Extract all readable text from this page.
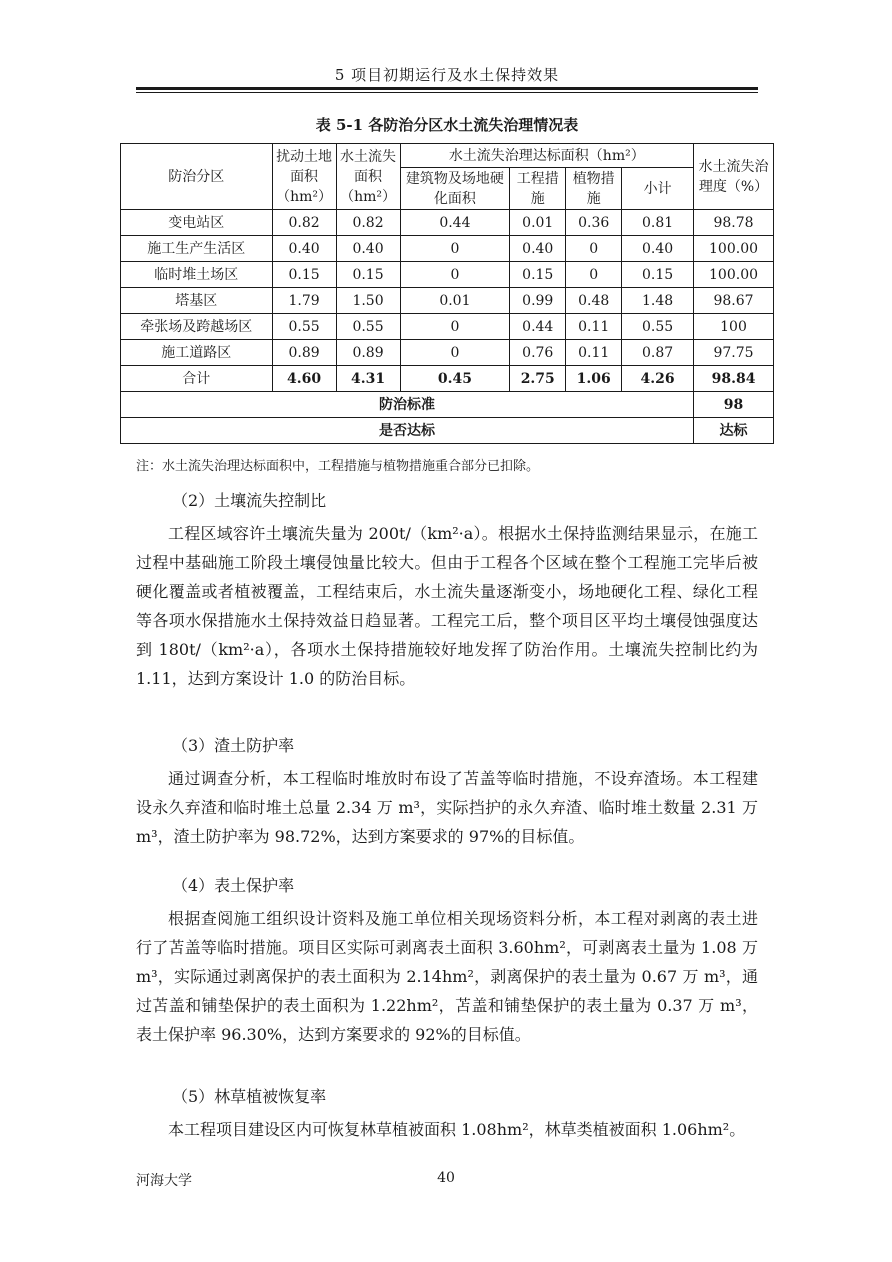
5 项目初期运行及水土保持效果
表 5-1 各防治分区水土流失治理情况表
防治分区	扰动土地面积（hm²）	水土流失面积（hm²）	水土流失治理达标面积（hm²）				水土流失治理度（%）
			建筑物及场地硬化面积	工程措施	植物措施	小计	
变电站区	0.82	0.82	0.44	0.01	0.36	0.81	98.78
施工生产生活区	0.40	0.40	0	0.40	0	0.40	100.00
临时堆土场区	0.15	0.15	0	0.15	0	0.15	100.00
塔基区	1.79	1.50	0.01	0.99	0.48	1.48	98.67
牵张场及跨越场区	0.55	0.55	0	0.44	0.11	0.55	100
施工道路区	0.89	0.89	0	0.76	0.11	0.87	97.75
合计	4.60	4.31	0.45	2.75	1.06	4.26	98.84
防治标准							98
是否达标							达标
注：水土流失治理达标面积中，工程措施与植物措施重合部分已扣除。
（2）土壤流失控制比
工程区域容许土壤流失量为 200t/（km²·a）。根据水土保持监测结果显示，在施工过程中基础施工阶段土壤侵蚀量比较大。但由于工程各个区域在整个工程施工完毕后被硬化覆盖或者植被覆盖，工程结束后，水土流失量逐渐变小，场地硬化工程、绿化工程等各项水保措施水土保持效益日趋显著。工程完工后，整个项目区平均土壤侵蚀强度达到 180t/（km²·a），各项水土保持措施较好地发挥了防治作用。土壤流失控制比约为 1.11，达到方案设计 1.0 的防治目标。
（3）渣土防护率
通过调查分析，本工程临时堆放时布设了苫盖等临时措施，不设弃渣场。本工程建设永久弃渣和临时堆土总量 2.34 万 m³，实际挡护的永久弃渣、临时堆土数量 2.31 万 m³，渣土防护率为 98.72%，达到方案要求的 97%的目标值。
（4）表土保护率
根据查阅施工组织设计资料及施工单位相关现场资料分析，本工程对剥离的表土进行了苫盖等临时措施。项目区实际可剥离表土面积 3.60hm²，可剥离表土量为 1.08 万 m³，实际通过剥离保护的表土面积为 2.14hm²，剥离保护的表土量为 0.67 万 m³，通过苫盖和铺垫保护的表土面积为 1.22hm²，苫盖和铺垫保护的表土量为 0.37 万 m³，表土保护率 96.30%，达到方案要求的 92%的目标值。
（5）林草植被恢复率
本工程项目建设区内可恢复林草植被面积 1.08hm²，林草类植被面积 1.06hm²。
河海大学	40
